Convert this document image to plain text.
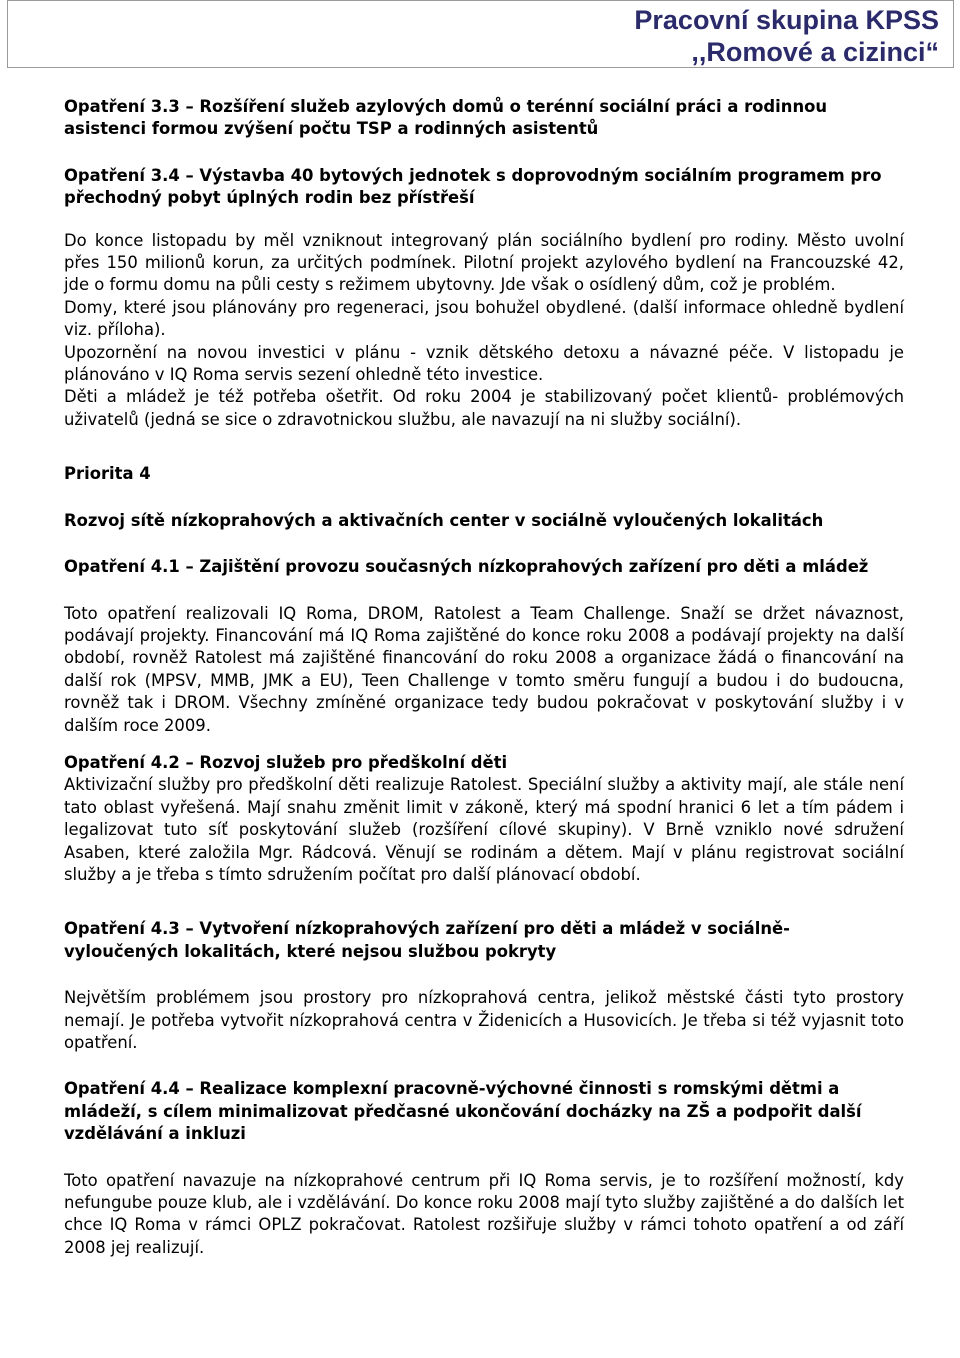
Pracovní skupina KPSS
,,Romové a cizinci“

Opatření 3.3 – Rozšíření služeb azylových domů o terénní sociální práci a rodinnou asistenci formou zvýšení počtu TSP a rodinných asistentů

Opatření 3.4 – Výstavba 40 bytových jednotek s doprovodným sociálním programem pro přechodný pobyt úplných rodin bez přístřeší

Do konce listopadu by měl vzniknout integrovaný plán sociálního bydlení pro rodiny. Město uvolní přes 150 milionů korun, za určitých podmínek. Pilotní projekt azylového bydlení na Francouzské 42, jde o formu domu na půli cesty s režimem ubytovny. Jde však o osídlený dům, což je problém.

Domy, které jsou plánovány pro regeneraci, jsou bohužel obydlené. (další informace ohledně bydlení viz. příloha).

Upozornění na novou investici v plánu - vznik dětského detoxu a návazné péče. V listopadu je plánováno v IQ Roma servis sezení ohledně této investice.

Děti a mládež je též potřeba ošetřit. Od roku 2004 je stabilizovaný počet klientů- problémových uživatelů (jedná se sice o zdravotnickou službu, ale navazují na ni služby sociální).

Priorita 4

Rozvoj sítě nízkoprahových a aktivačních center v sociálně vyloučených lokalitách

Opatření 4.1 – Zajištění provozu současných nízkoprahových zařízení pro děti a mládež

Toto opatření realizovali IQ Roma, DROM, Ratolest a Team Challenge. Snaží se držet návaznost, podávají projekty. Financování má IQ Roma zajištěné do konce roku 2008 a podávají projekty na další období, rovněž Ratolest má zajištěné financování do roku 2008 a organizace žádá o financování na další rok (MPSV, MMB, JMK a EU), Teen Challenge v tomto směru fungují a budou i do budoucna, rovněž tak i DROM. Všechny zmíněné organizace tedy budou pokračovat v poskytování služby i v dalším roce 2009.

Opatření 4.2 – Rozvoj služeb pro předškolní děti

Aktivizační služby pro předškolní děti realizuje Ratolest. Speciální služby a aktivity mají, ale stále není tato oblast vyřešená. Mají snahu změnit limit v zákoně, který má spodní hranici 6 let a tím pádem i legalizovat tuto síť poskytování služeb (rozšíření cílové skupiny). V Brně vzniklo nové sdružení Asaben, které založila Mgr. Rádcová. Věnují se rodinám a dětem. Mají v plánu registrovat sociální služby a je třeba s tímto sdružením počítat pro další plánovací období.

Opatření 4.3 – Vytvoření nízkoprahových zařízení pro děti a mládež v sociálně- vyloučených lokalitách, které nejsou službou pokryty

Největším problémem jsou prostory pro nízkoprahová centra, jelikož městské části tyto prostory nemají. Je potřeba vytvořit nízkoprahová centra v Židenicích a Husovicích. Je třeba si též vyjasnit toto opatření.

Opatření 4.4 – Realizace komplexní pracovně-výchovné činnosti s romskými dětmi a mládeží, s cílem minimalizovat předčasné ukončování docházky na ZŠ a podpořit další vzdělávání a inkluzi

Toto opatření navazuje na nízkoprahové centrum při IQ Roma servis, je to rozšíření možností, kdy nefungube pouze klub, ale i vzdělávání. Do konce roku 2008 mají tyto služby zajištěné a do dalších let chce IQ Roma v rámci OPLZ pokračovat. Ratolest rozšiřuje služby v rámci tohoto opatření a od září 2008 jej realizují.
